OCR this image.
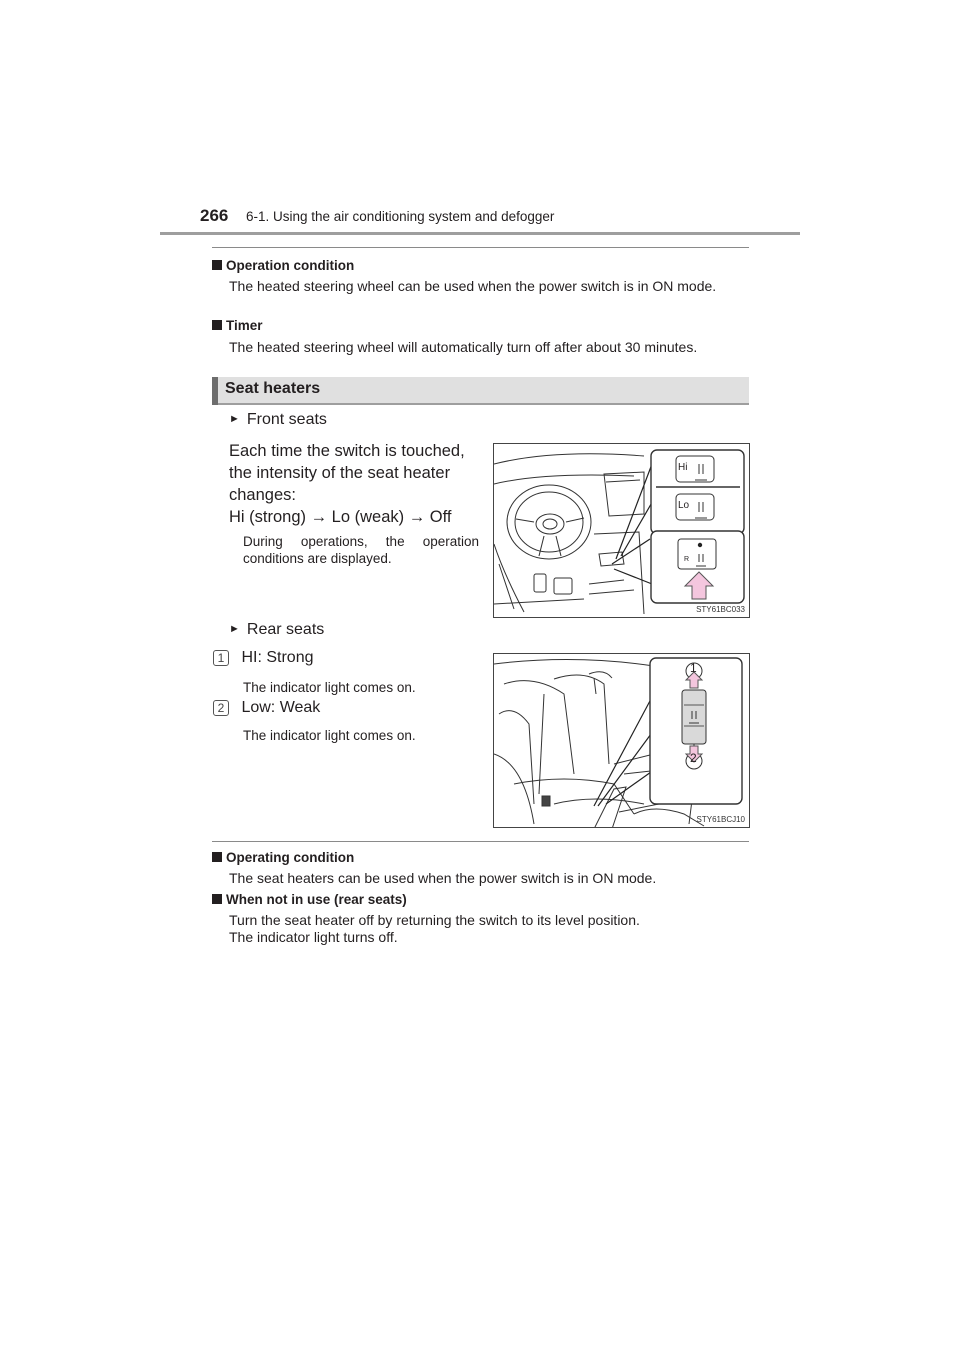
266 6-1. Using the air conditioning system and defogger
Operation condition
The heated steering wheel can be used when the power switch is in ON mode.
Timer
The heated steering wheel will automatically turn off after about 30 minutes.
Seat heaters
► Front seats
Each time the switch is touched,
the intensity of the seat heater
changes:
Hi (strong) → Lo (weak) → Off
During operations, the operation conditions are displayed.
Hi
Lo
R
STY61BC033
► Rear seats
1 HI: Strong
The indicator light comes on.
2 Low: Weak
The indicator light comes on.
1
2
STY61BCJ10
Operating condition
The seat heaters can be used when the power switch is in ON mode.
When not in use (rear seats)
Turn the seat heater off by returning the switch to its level position.
The indicator light turns off.
